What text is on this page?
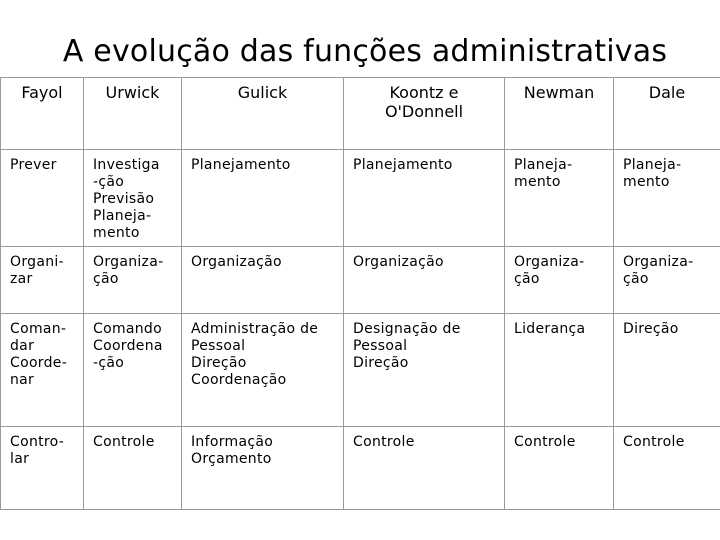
A evolução das funções administrativas
Fayol	Urwick	Gulick	Koontz e
O'Donnell	Newman	Dale

Prever	Investiga
-ção
Previsão
Planeja-
mento	Planejamento	Planejamento	Planeja-
mento	Planeja-
mento

Organi-
zar	Organiza-
ção	Organização	Organização	Organiza-
ção	Organiza-
ção

Coman-
dar
Coorde-
nar	Comando
Coordena
-ção	Administração de
Pessoal
Direção
Coordenação	Designação de
Pessoal
Direção	Liderança	Direção

Contro-
lar	Controle	Informação
Orçamento	Controle	Controle	Controle
